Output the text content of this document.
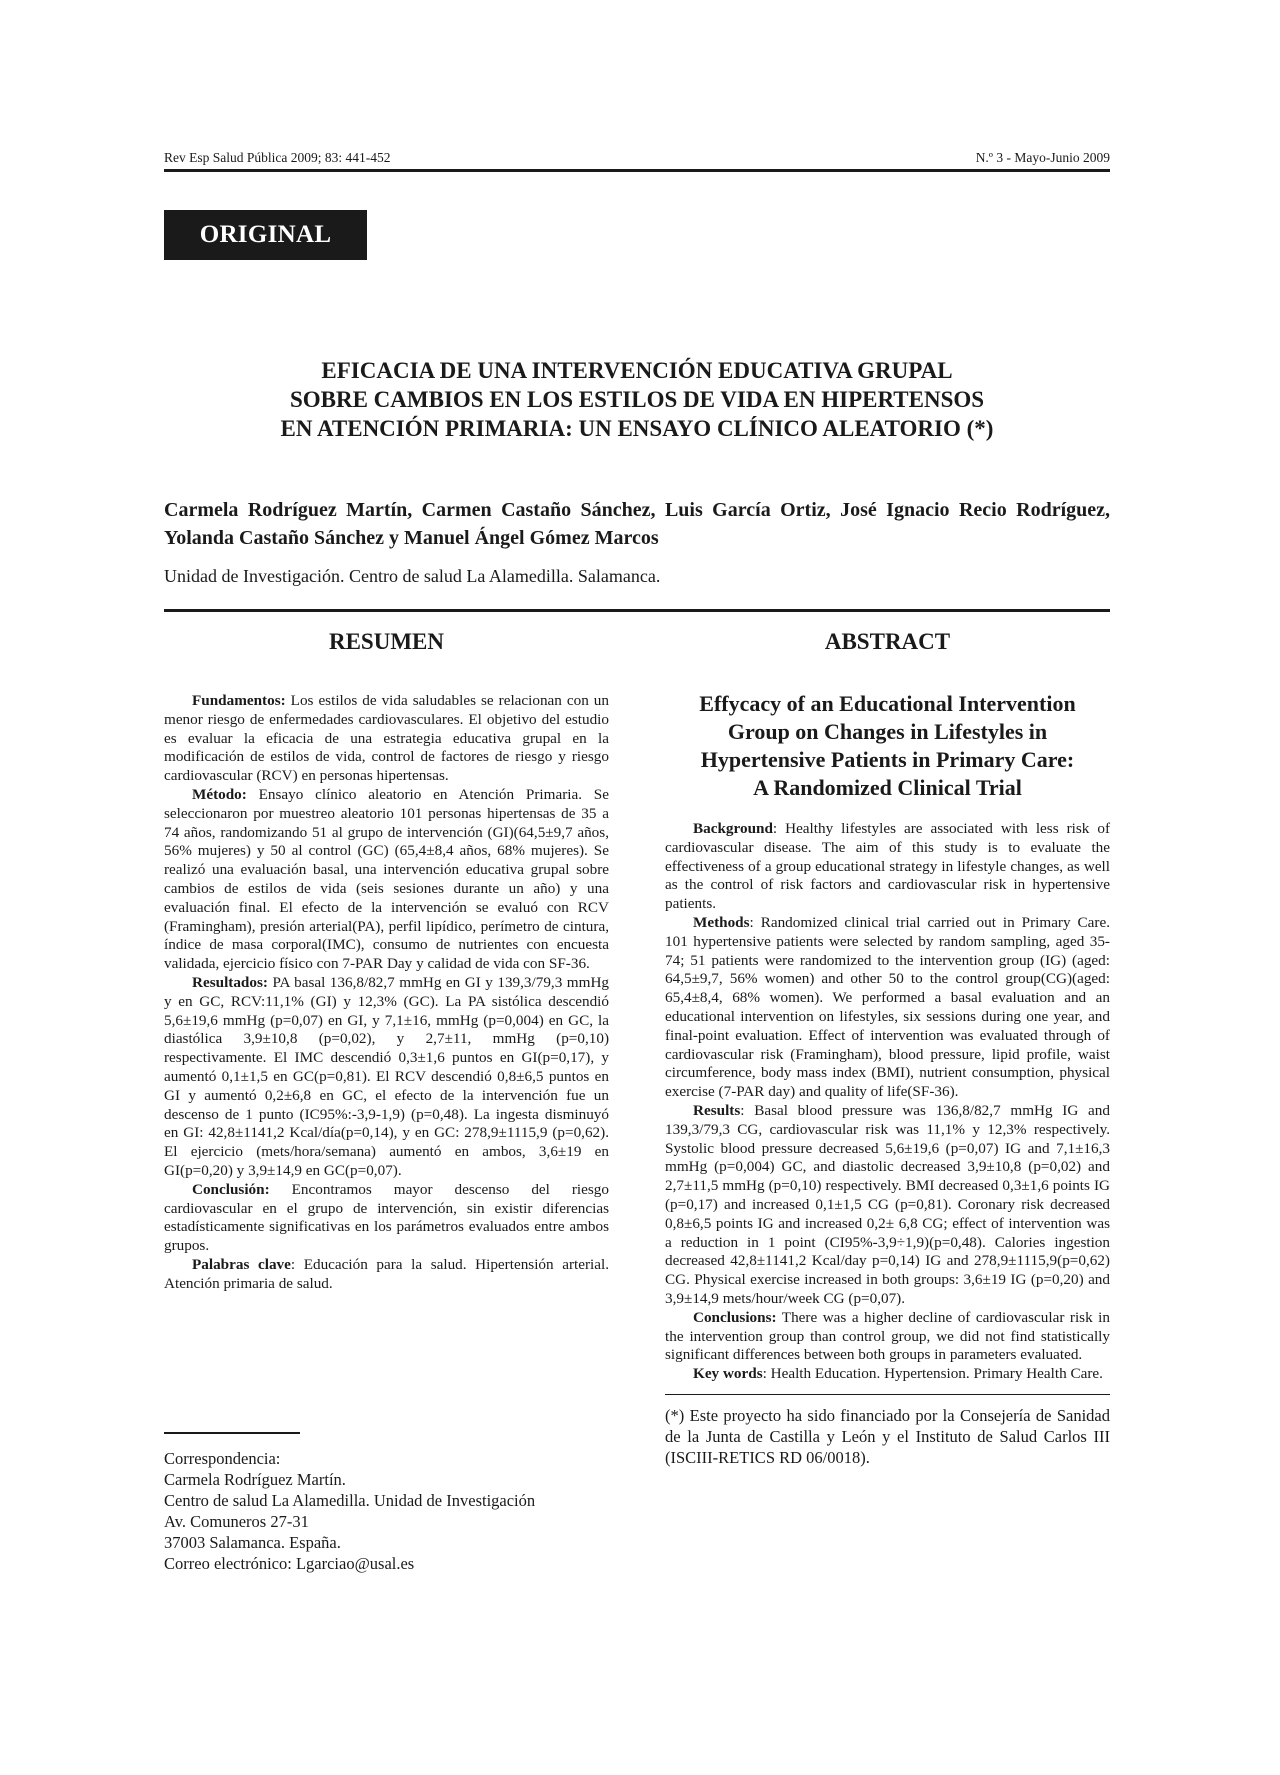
Rev Esp Salud Pública 2009; 83: 441-452	N.º 3 - Mayo-Junio 2009
ORIGINAL
EFICACIA DE UNA INTERVENCIÓN EDUCATIVA GRUPAL
SOBRE CAMBIOS EN LOS ESTILOS DE VIDA EN HIPERTENSOS
EN ATENCIÓN PRIMARIA: UN ENSAYO CLÍNICO ALEATORIO (*)
Carmela Rodríguez Martín, Carmen Castaño Sánchez, Luis García Ortiz, José Ignacio Recio Rodríguez, Yolanda Castaño Sánchez y Manuel Ángel Gómez Marcos
Unidad de Investigación. Centro de salud La Alamedilla. Salamanca.
RESUMEN

Fundamentos: Los estilos de vida saludables se relacionan con un menor riesgo de enfermedades cardiovasculares. El objetivo del estudio es evaluar la eficacia de una estrategia educativa grupal en la modificación de estilos de vida, control de factores de riesgo y riesgo cardiovascular (RCV) en personas hipertensas.

Método: Ensayo clínico aleatorio en Atención Primaria. Se seleccionaron por muestreo aleatorio 101 personas hipertensas de 35 a 74 años, randomizando 51 al grupo de intervención (GI)(64,5±9,7 años, 56% mujeres) y 50 al control (GC) (65,4±8,4 años, 68% mujeres). Se realizó una evaluación basal, una intervención educativa grupal sobre cambios de estilos de vida (seis sesiones durante un año) y una evaluación final. El efecto de la intervención se evaluó con RCV (Framingham), presión arterial(PA), perfil lipídico, perímetro de cintura, índice de masa corporal(IMC), consumo de nutrientes con encuesta validada, ejercicio físico con 7-PAR Day y calidad de vida con SF-36.

Resultados: PA basal 136,8/82,7 mmHg en GI y 139,3/79,3 mmHg y en GC, RCV:11,1% (GI) y 12,3% (GC). La PA sistólica descendió 5,6±19,6 mmHg (p=0,07) en GI, y 7,1±16, mmHg (p=0,004) en GC, la diastólica 3,9±10,8 (p=0,02), y 2,7±11, mmHg (p=0,10) respectivamente. El IMC descendió 0,3±1,6 puntos en GI(p=0,17), y aumentó 0,1±1,5 en GC(p=0,81). El RCV descendió 0,8±6,5 puntos en GI y aumentó 0,2±6,8 en GC, el efecto de la intervención fue un descenso de 1 punto (IC95%:-3,9-1,9) (p=0,48). La ingesta disminuyó en GI: 42,8±1141,2 Kcal/día(p=0,14), y en GC: 278,9±1115,9 (p=0,62). El ejercicio (mets/hora/semana) aumentó en ambos, 3,6±19 en GI(p=0,20) y 3,9±14,9 en GC(p=0,07).

Conclusión: Encontramos mayor descenso del riesgo cardiovascular en el grupo de intervención, sin existir diferencias estadísticamente significativas en los parámetros evaluados entre ambos grupos.

Palabras clave: Educación para la salud. Hipertensión arterial. Atención primaria de salud.

Correspondencia:
Carmela Rodríguez Martín.
Centro de salud La Alamedilla. Unidad de Investigación
Av. Comuneros 27-31
37003 Salamanca. España.
Correo electrónico: Lgarciao@usal.es
ABSTRACT
Effycacy of an Educational Intervention
Group on Changes in Lifestyles in
Hypertensive Patients in Primary Care:
A Randomized Clinical Trial

Background: Healthy lifestyles are associated with less risk of cardiovascular disease. The aim of this study is to evaluate the effectiveness of a group educational strategy in lifestyle changes, as well as the control of risk factors and cardiovascular risk in hypertensive patients.

Methods: Randomized clinical trial carried out in Primary Care. 101 hypertensive patients were selected by random sampling, aged 35-74; 51 patients were randomized to the intervention group (IG) (aged: 64,5±9,7, 56% women) and other 50 to the control group(CG)(aged: 65,4±8,4, 68% women). We performed a basal evaluation and an educational intervention on lifestyles, six sessions during one year, and final-point evaluation. Effect of intervention was evaluated through of cardiovascular risk (Framingham), blood pressure, lipid profile, waist circumference, body mass index (BMI), nutrient consumption, physical exercise (7-PAR day) and quality of life(SF-36).

Results: Basal blood pressure was 136,8/82,7 mmHg IG and 139,3/79,3 CG, cardiovascular risk was 11,1% y 12,3% respectively. Systolic blood pressure decreased 5,6±19,6 (p=0,07) IG and 7,1±16,3 mmHg (p=0,004) GC, and diastolic decreased 3,9±10,8 (p=0,02) and 2,7±11,5 mmHg (p=0,10) respectively. BMI decreased 0,3±1,6 points IG (p=0,17) and increased 0,1±1,5 CG (p=0,81). Coronary risk decreased 0,8±6,5 points IG and increased 0,2± 6,8 CG; effect of intervention was a reduction in 1 point (CI95%-3,9÷1,9)(p=0,48). Calories ingestion decreased 42,8±1141,2 Kcal/day p=0,14) IG and 278,9±1115,9(p=0,62) CG. Physical exercise increased in both groups: 3,6±19 IG (p=0,20) and 3,9±14,9 mets/hour/week CG (p=0,07).

Conclusions: There was a higher decline of cardiovascular risk in the intervention group than control group, we did not find statistically significant differences between both groups in parameters evaluated.

Key words: Health Education. Hypertension. Primary Health Care.

(*) Este proyecto ha sido financiado por la Consejería de Sanidad de la Junta de Castilla y León y el Instituto de Salud Carlos III (ISCIII-RETICS RD 06/0018).
